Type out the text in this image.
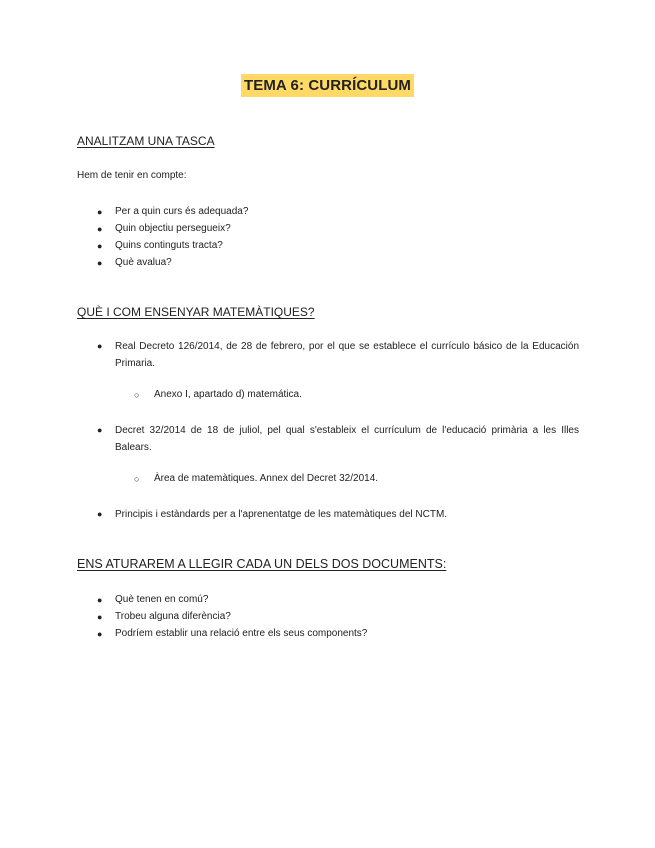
TEMA 6: CURRÍCULUM
ANALITZAM UNA TASCA
Hem de tenir en compte:
● Per a quin curs és adequada?
● Quin objectiu persegueix?
● Quins continguts tracta?
● Què avalua?
QUÈ I COM ENSENYAR MATEMÀTIQUES?
● Real Decreto 126/2014, de 28 de febrero, por el que se establece el currículo básico de la Educación Primaria.
○ Anexo I, apartado d) matemática.
● Decret 32/2014 de 18 de juliol, pel qual s'estableix el currículum de l'educació primària a les Illes Balears.
○ Àrea de matemàtiques. Annex del Decret 32/2014.
● Principis i estàndards per a l'aprenentatge de les matemàtiques del NCTM.
ENS ATURAREM A LLEGIR CADA UN DELS DOS DOCUMENTS:
● Què tenen en comú?
● Trobeu alguna diferència?
● Podríem establir una relació entre els seus components?
